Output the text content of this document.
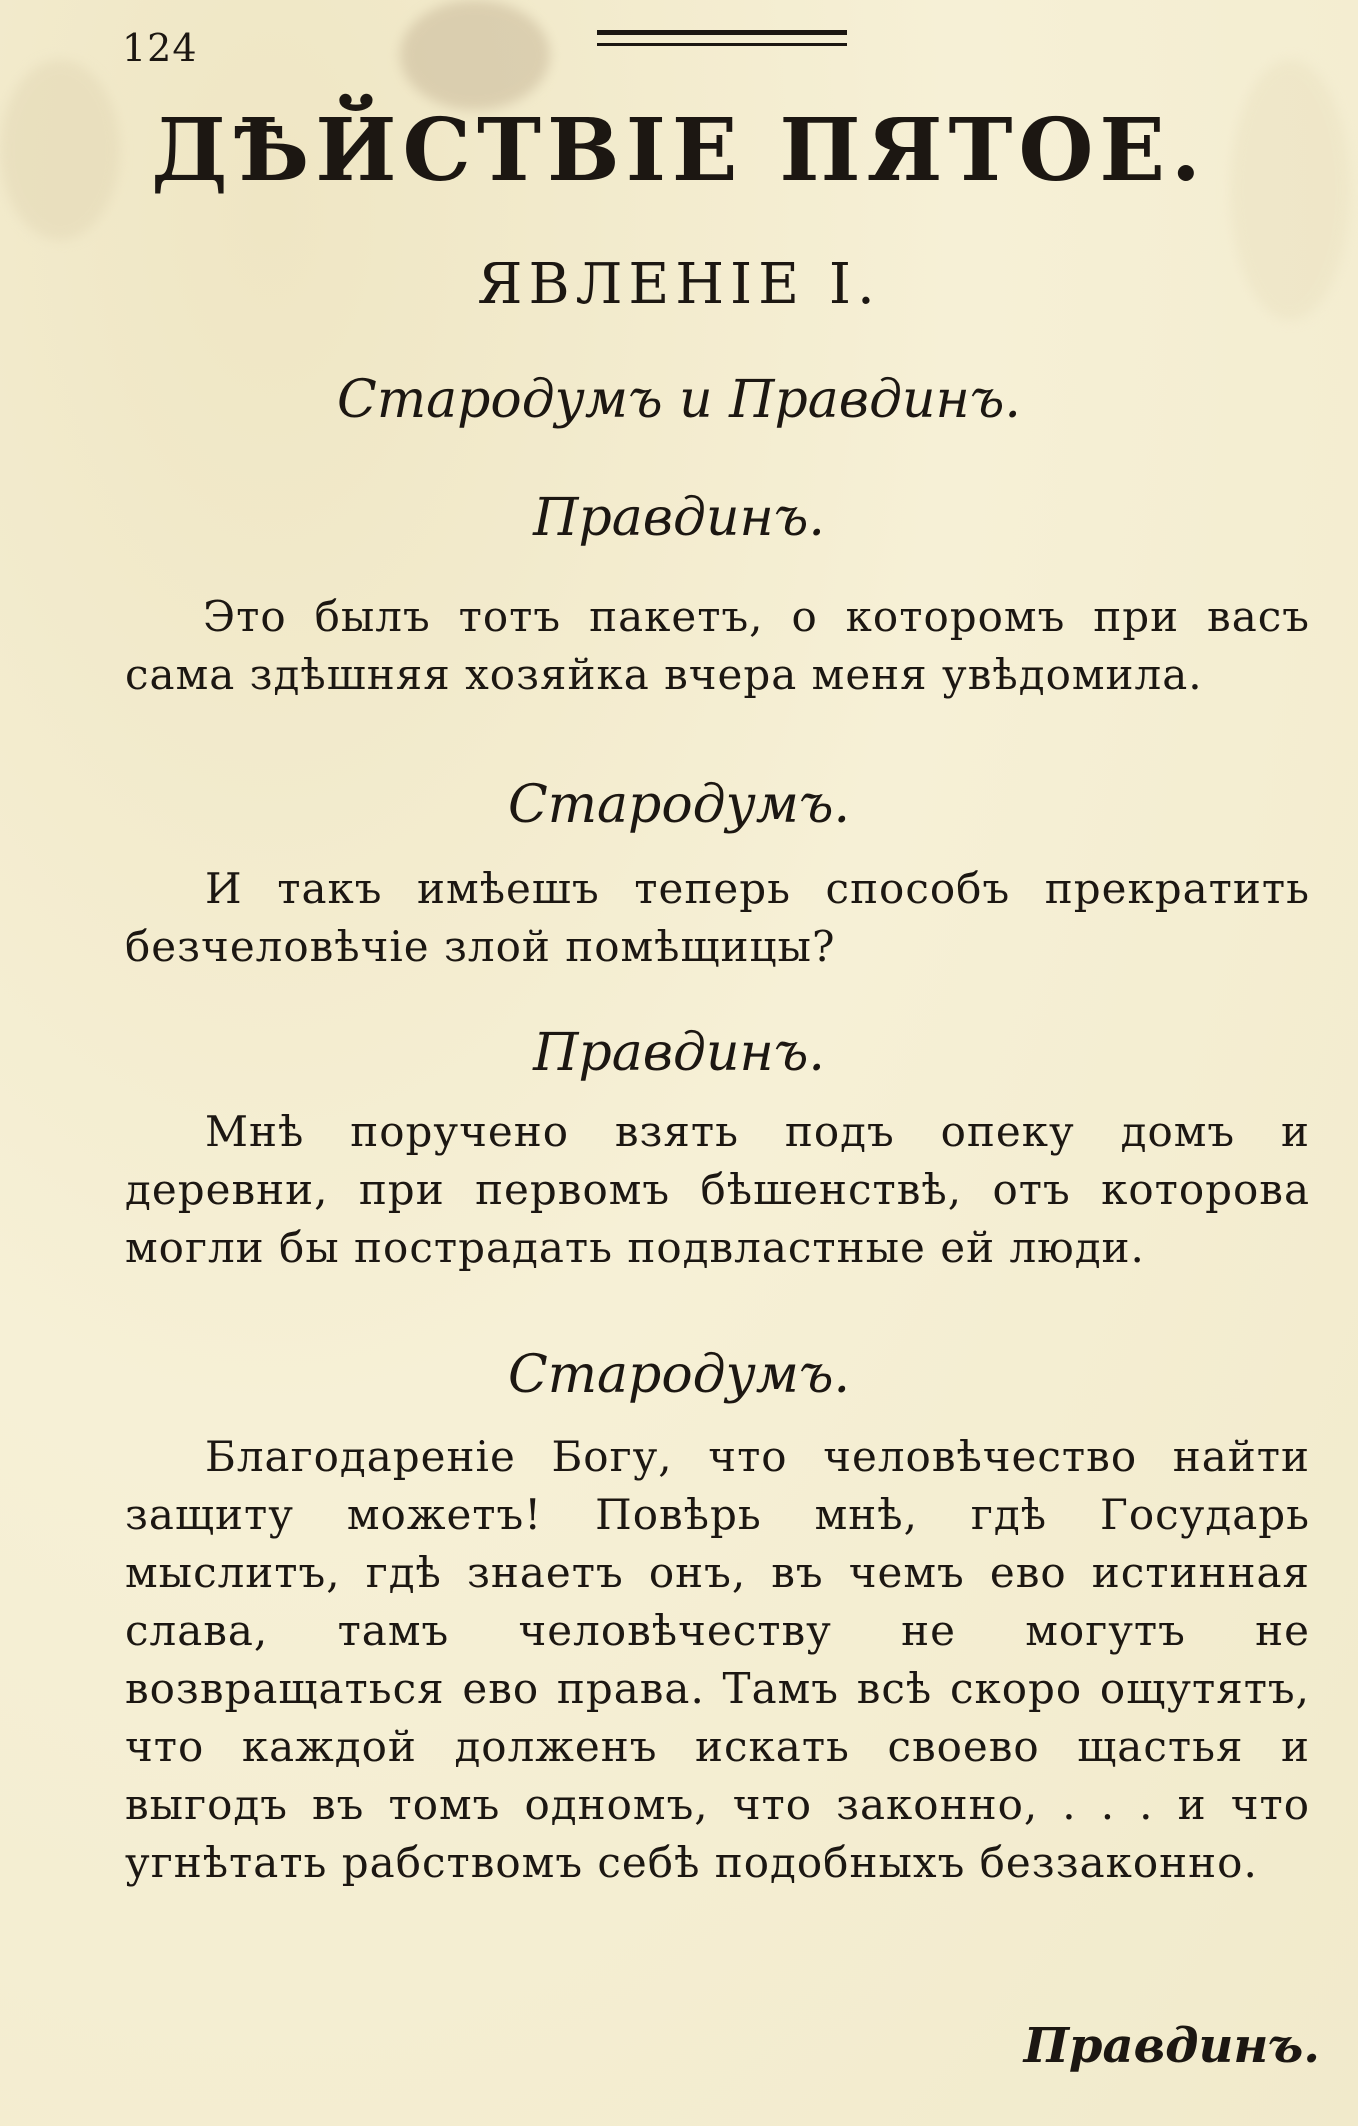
124
ДѢЙСТВІЕ ПЯТОЕ.
ЯВЛЕНІЕ I.
Стародумъ и Правдинъ.
Правдинъ.
Это былъ тотъ пакетъ, о которомъ при васъ сама здѣшняя хозяйка вчера меня увѣдомила.
Стародумъ.
И такъ имѣешъ теперь способъ прекратить безчеловѣчіе злой помѣщицы?
Правдинъ.
Мнѣ поручено взять подъ опеку домъ и деревни, при первомъ бѣшенствѣ, отъ котopова могли бы пострадать подвластные ей люди.
Стародумъ.
Благодареніе Богу, что человѣчество найти защиту можетъ! Повѣрь мнѣ, гдѣ Государь мыслитъ, гдѣ знаетъ онъ, въ чемъ ево истинная слава, тамъ человѣчеству не могутъ не возвращаться ево права. Тамъ всѣ скоро ощутятъ, что каждой долженъ искать своево щастья и выгодъ въ томъ одномъ, что законно, . . . и что угнѣтать рабствомъ себѣ подобныхъ беззаконно.
Правдинъ.
